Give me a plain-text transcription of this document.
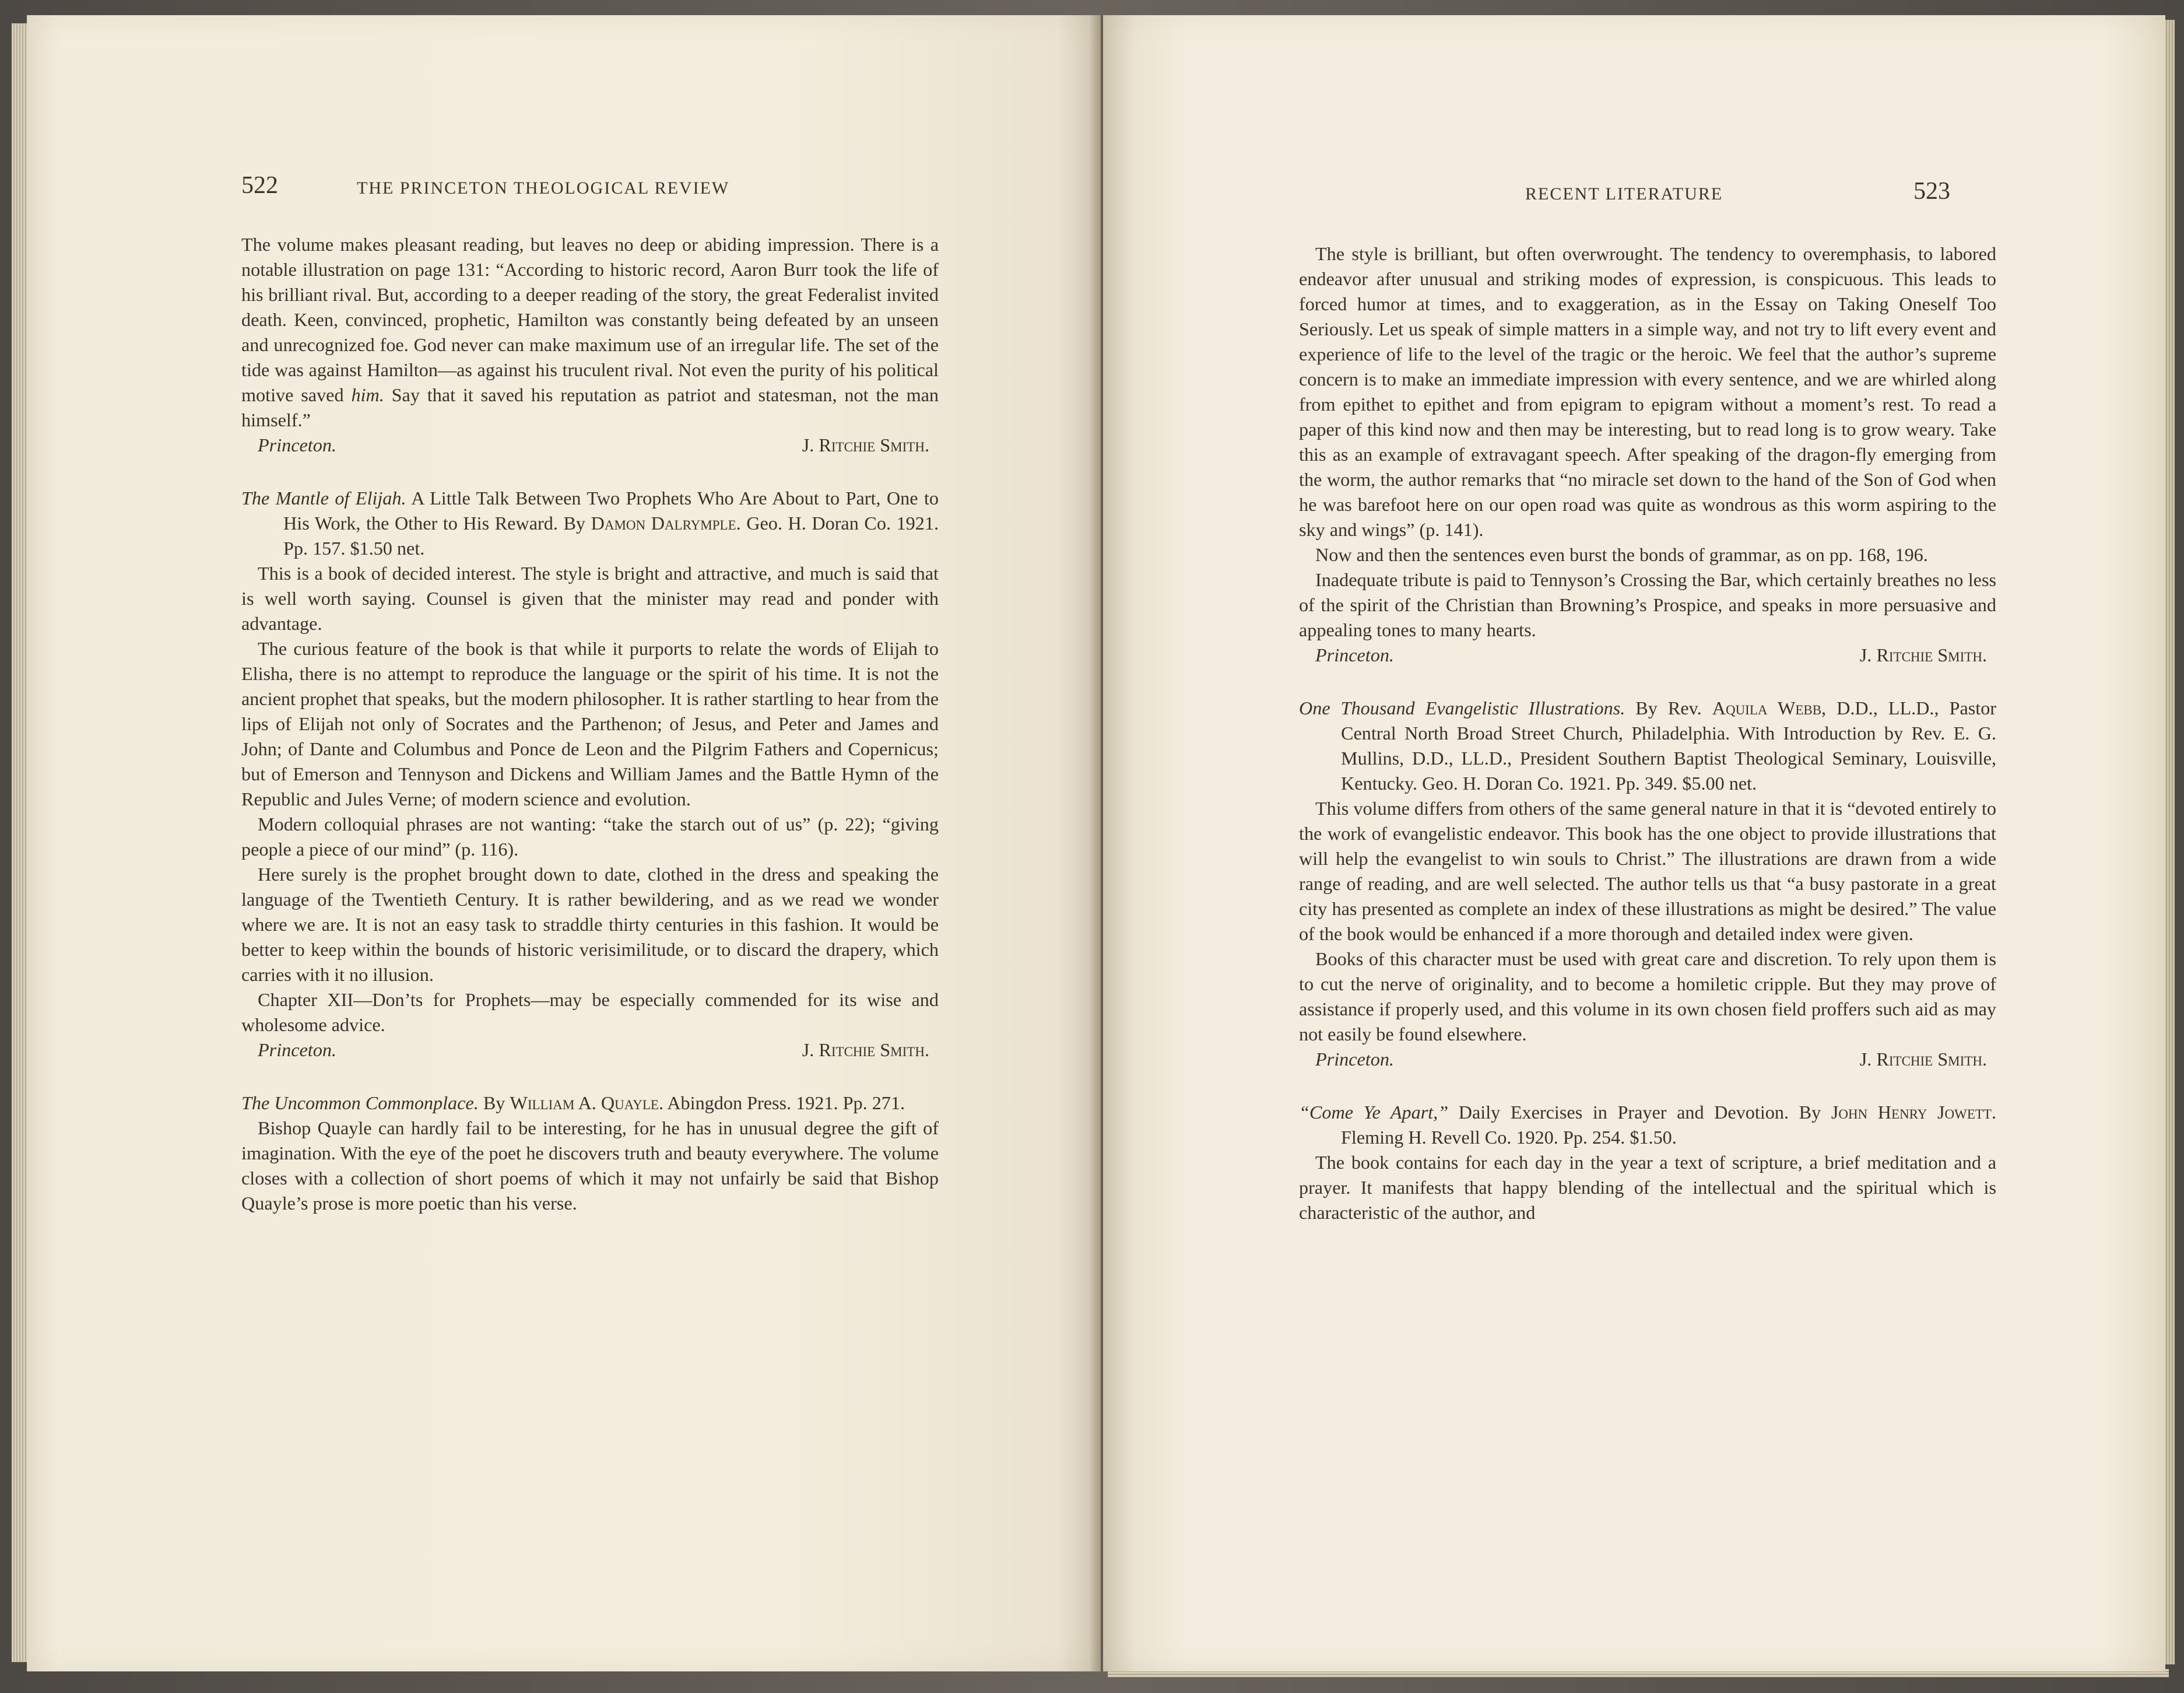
522	THE PRINCETON THEOLOGICAL REVIEW

The volume makes pleasant reading, but leaves no deep or abiding impression. There is a notable illustration on page 131: “According to historic record, Aaron Burr took the life of his brilliant rival. But, according to a deeper reading of the story, the great Federalist invited death. Keen, convinced, prophetic, Hamilton was constantly being defeated by an unseen and unrecognized foe. God never can make maximum use of an irregular life. The set of the tide was against Hamilton—as against his truculent rival. Not even the purity of his political motive saved him. Say that it saved his reputation as patriot and statesman, not the man himself.”

Princeton.	J. Ritchie Smith.

The Mantle of Elijah. A Little Talk Between Two Prophets Who Are About to Part, One to His Work, the Other to His Reward. By Damon Dalrymple. Geo. H. Doran Co. 1921. Pp. 157. $1.50 net.

This is a book of decided interest. The style is bright and attractive, and much is said that is well worth saying. Counsel is given that the minister may read and ponder with advantage.

The curious feature of the book is that while it purports to relate the words of Elijah to Elisha, there is no attempt to reproduce the language or the spirit of his time. It is not the ancient prophet that speaks, but the modern philosopher. It is rather startling to hear from the lips of Elijah not only of Socrates and the Parthenon; of Jesus, and Peter and James and John; of Dante and Columbus and Ponce de Leon and the Pilgrim Fathers and Copernicus; but of Emerson and Tennyson and Dickens and William James and the Battle Hymn of the Republic and Jules Verne; of modern science and evolution.

Modern colloquial phrases are not wanting: “take the starch out of us” (p. 22); “giving people a piece of our mind” (p. 116).

Here surely is the prophet brought down to date, clothed in the dress and speaking the language of the Twentieth Century. It is rather bewildering, and as we read we wonder where we are. It is not an easy task to straddle thirty centuries in this fashion. It would be better to keep within the bounds of historic verisimilitude, or to discard the drapery, which carries with it no illusion.

Chapter XII—Don’ts for Prophets—may be especially commended for its wise and wholesome advice.

Princeton.	J. Ritchie Smith.

The Uncommon Commonplace. By William A. Quayle. Abingdon Press. 1921. Pp. 271.

Bishop Quayle can hardly fail to be interesting, for he has in unusual degree the gift of imagination. With the eye of the poet he discovers truth and beauty everywhere. The volume closes with a collection of short poems of which it may not unfairly be said that Bishop Quayle’s prose is more poetic than his verse.

RECENT LITERATURE	523

The style is brilliant, but often overwrought. The tendency to overemphasis, to labored endeavor after unusual and striking modes of expression, is conspicuous. This leads to forced humor at times, and to exaggeration, as in the Essay on Taking Oneself Too Seriously. Let us speak of simple matters in a simple way, and not try to lift every event and experience of life to the level of the tragic or the heroic. We feel that the author’s supreme concern is to make an immediate impression with every sentence, and we are whirled along from epithet to epithet and from epigram to epigram without a moment’s rest. To read a paper of this kind now and then may be interesting, but to read long is to grow weary. Take this as an example of extravagant speech. After speaking of the dragon-fly emerging from the worm, the author remarks that “no miracle set down to the hand of the Son of God when he was barefoot here on our open road was quite as wondrous as this worm aspiring to the sky and wings” (p. 141).

Now and then the sentences even burst the bonds of grammar, as on pp. 168, 196.

Inadequate tribute is paid to Tennyson’s Crossing the Bar, which certainly breathes no less of the spirit of the Christian than Browning’s Prospice, and speaks in more persuasive and appealing tones to many hearts.

Princeton.	J. Ritchie Smith.

One Thousand Evangelistic Illustrations. By Rev. Aquila Webb, D.D., LL.D., Pastor Central North Broad Street Church, Philadelphia. With Introduction by Rev. E. G. Mullins, D.D., LL.D., President Southern Baptist Theological Seminary, Louisville, Kentucky. Geo. H. Doran Co. 1921. Pp. 349. $5.00 net.

This volume differs from others of the same general nature in that it is “devoted entirely to the work of evangelistic endeavor. This book has the one object to provide illustrations that will help the evangelist to win souls to Christ.” The illustrations are drawn from a wide range of reading, and are well selected. The author tells us that “a busy pastorate in a great city has presented as complete an index of these illustrations as might be desired.” The value of the book would be enhanced if a more thorough and detailed index were given.

Books of this character must be used with great care and discretion. To rely upon them is to cut the nerve of originality, and to become a homiletic cripple. But they may prove of assistance if properly used, and this volume in its own chosen field proffers such aid as may not easily be found elsewhere.

Princeton.	J. Ritchie Smith.

“Come Ye Apart,” Daily Exercises in Prayer and Devotion. By John Henry Jowett. Fleming H. Revell Co. 1920. Pp. 254. $1.50.

The book contains for each day in the year a text of scripture, a brief meditation and a prayer. It manifests that happy blending of the intellectual and the spiritual which is characteristic of the author, and
